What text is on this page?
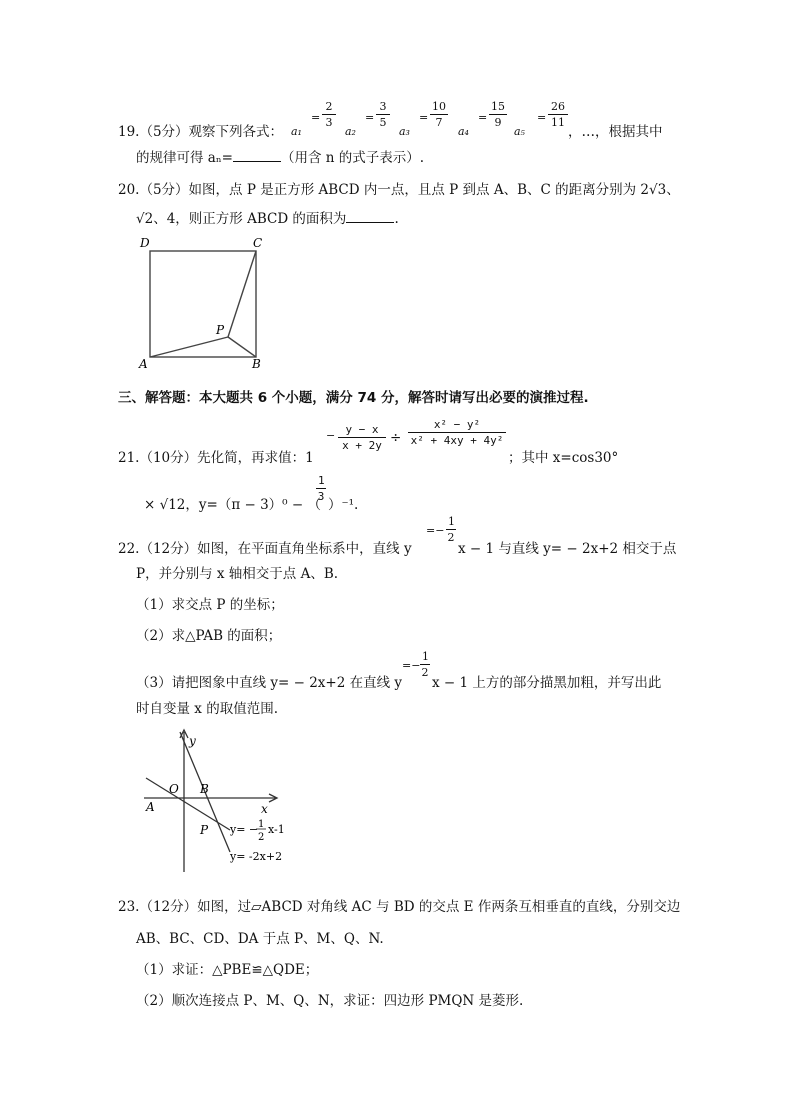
19.（5分）观察下列各式： a₁
= $\frac{2}{3}$
a₂
= $\frac{3}{5}$
a₃
= $\frac{10}{7}$
a₄
= $\frac{15}{9}$
a₅
= $\frac{26}{11}$
，…，根据其中
的规律可得 aₙ=	（用含 n 的式子表示）.
20.（5分）如图，点 P 是正方形 ABCD 内一点，且点 P 到点 A、B、C 的距离分别为 2√3、
√2、4，则正方形 ABCD 的面积为	.
D	C
A	B
P
三、解答题：本大题共 6 个小题，满分 74 分，解答时请写出必要的演推过程.
21.（10分）先化简，再求值：1
− $\frac{y - x}{x + 2y} \div \frac{\text{x² − y²}}{\text{x² + 4xy + 4y²}}$
；其中 x=cos30°
× √12，y=（π − 3）⁰ − （
$\frac{1}{3}$
）⁻¹.
22.（12分）如图，在平面直角坐标系中，直线 y
=− $\frac{1}{2}$
x − 1 与直线 y= − 2x+2 相交于点
P，并分别与 x 轴相交于点 A、B.
（1）求交点 P 的坐标；
（2）求△PAB 的面积；
（3）请把图象中直线 y= − 2x+2 在直线 y
=− $\frac{1}{2}$
x − 1 上方的部分描黑加粗，并写出此
时自变量 x 的取值范围.
y
x
O B
A
P y= − 1
2
x-1
y= -2x+2
23.（12分）如图，过▱ABCD 对角线 AC 与 BD 的交点 E 作两条互相垂直的直线，分别交边
AB、BC、CD、DA 于点 P、M、Q、N.
（1）求证：△PBE≌△QDE；
（2）顺次连接点 P、M、Q、N，求证：四边形 PMQN 是菱形.
